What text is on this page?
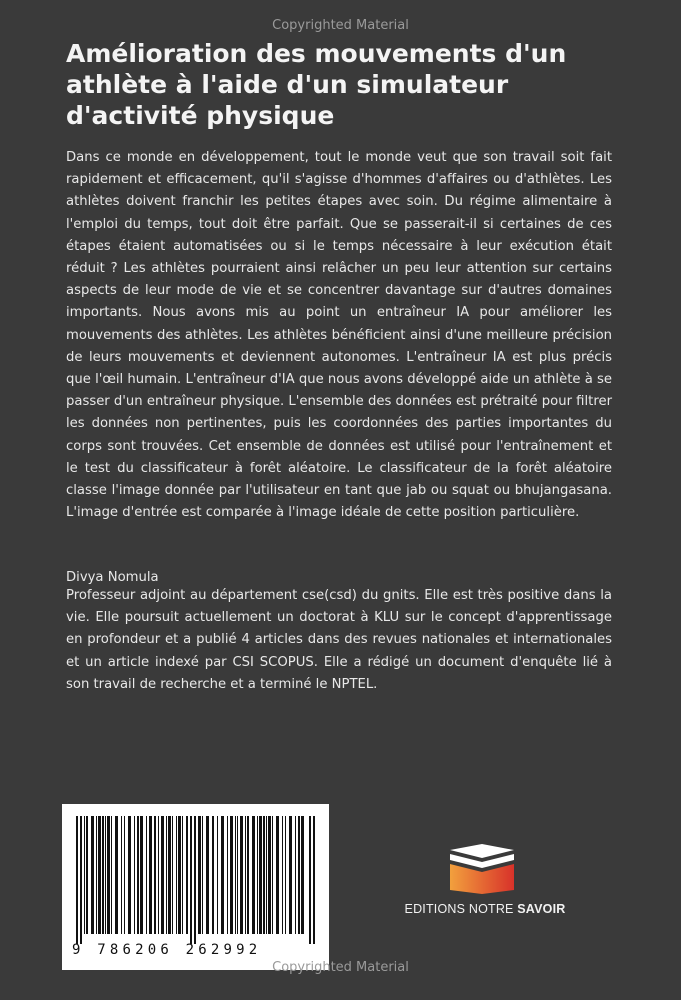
Copyrighted Material
Amélioration des mouvements d'un athlète à l'aide d'un simulateur d'activité physique

Dans ce monde en développement, tout le monde veut que son travail soit fait rapidement et efficacement, qu'il s'agisse d'hommes d'affaires ou d'athlètes. Les athlètes doivent franchir les petites étapes avec soin. Du régime alimentaire à l'emploi du temps, tout doit être parfait. Que se passerait-il si certaines de ces étapes étaient automatisées ou si le temps nécessaire à leur exécution était réduit ? Les athlètes pourraient ainsi relâcher un peu leur attention sur certains aspects de leur mode de vie et se concentrer davantage sur d'autres domaines importants. Nous avons mis au point un entraîneur IA pour améliorer les mouvements des athlètes. Les athlètes bénéficient ainsi d'une meilleure précision de leurs mouvements et deviennent autonomes. L'entraîneur IA est plus précis que l'œil humain. L'entraîneur d'IA que nous avons développé aide un athlète à se passer d'un entraîneur physique. L'ensemble des données est prétraité pour filtrer les données non pertinentes, puis les coordonnées des parties importantes du corps sont trouvées. Cet ensemble de données est utilisé pour l'entraînement et le test du classificateur à forêt aléatoire. Le classificateur de la forêt aléatoire classe l'image donnée par l'utilisateur en tant que jab ou squat ou bhujangasana. L'image d'entrée est comparée à l'image idéale de cette position particulière.

Divya Nomula

Professeur adjoint au département cse(csd) du gnits. Elle est très positive dans la vie. Elle poursuit actuellement un doctorat à KLU sur le concept d'apprentissage en profondeur et a publié 4 articles dans des revues nationales et internationales et un article indexé par CSI SCOPUS. Elle a rédigé un document d'enquête lié à son travail de recherche et a terminé le NPTEL.

9 786206 262992
EDITIONS NOTRE SAVOIR
Copyrighted Material
